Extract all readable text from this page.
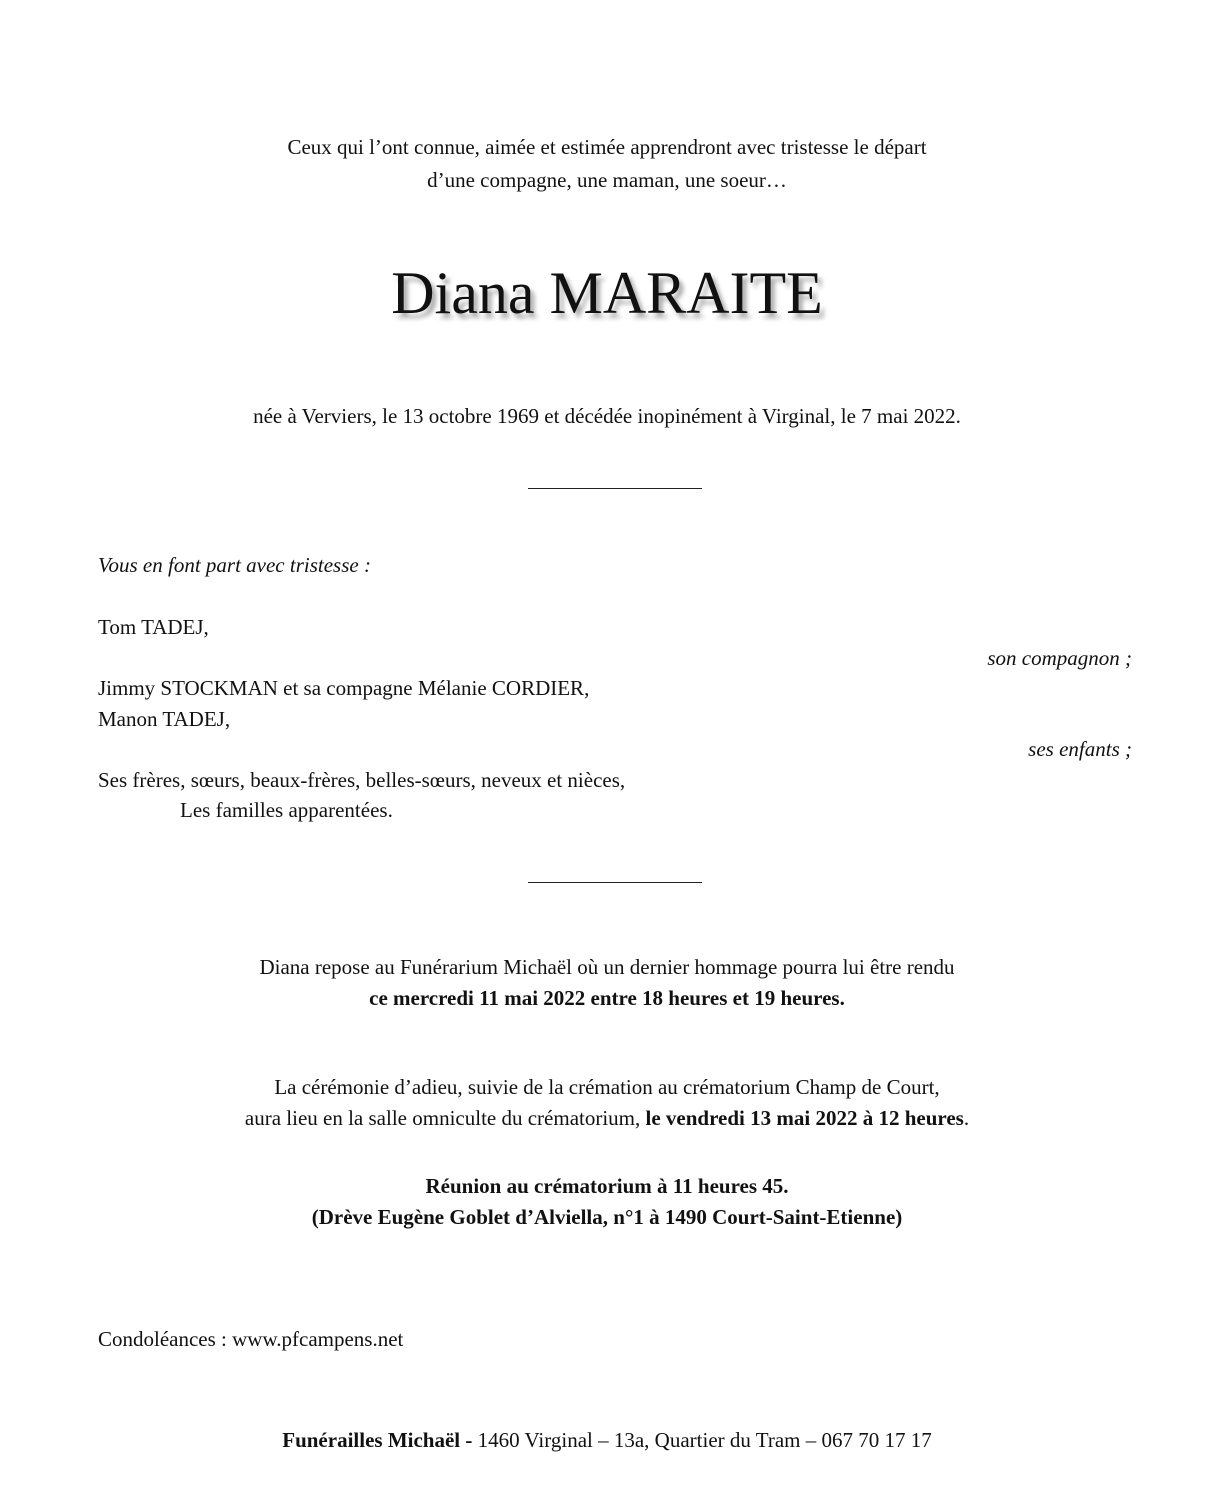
Ceux qui l’ont connue, aimée et estimée apprendront avec tristesse le départ
d’une compagne, une maman, une soeur…
Diana MARAITE
née à Verviers, le 13 octobre 1969 et décédée inopinément à Virginal, le 7 mai 2022.
Vous en font part avec tristesse :
Tom TADEJ,
son compagnon ;
Jimmy STOCKMAN et sa compagne Mélanie CORDIER,
Manon TADEJ,
ses enfants ;
Ses frères, sœurs, beaux-frères, belles-sœurs, neveux et nièces,
Les familles apparentées.
Diana repose au Funérarium Michaël où un dernier hommage pourra lui être rendu
ce mercredi 11 mai 2022 entre 18 heures et 19 heures.
La cérémonie d’adieu, suivie de la crémation au crématorium Champ de Court,
aura lieu en la salle omniculte du crématorium, le vendredi 13 mai 2022 à 12 heures.
Réunion au crématorium à 11 heures 45.
(Drève Eugène Goblet d’Alviella, n°1 à 1490 Court-Saint-Etienne)
Condoléances : www.pfcampens.net
Funérailles Michaël - 1460 Virginal – 13a, Quartier du Tram – 067 70 17 17
